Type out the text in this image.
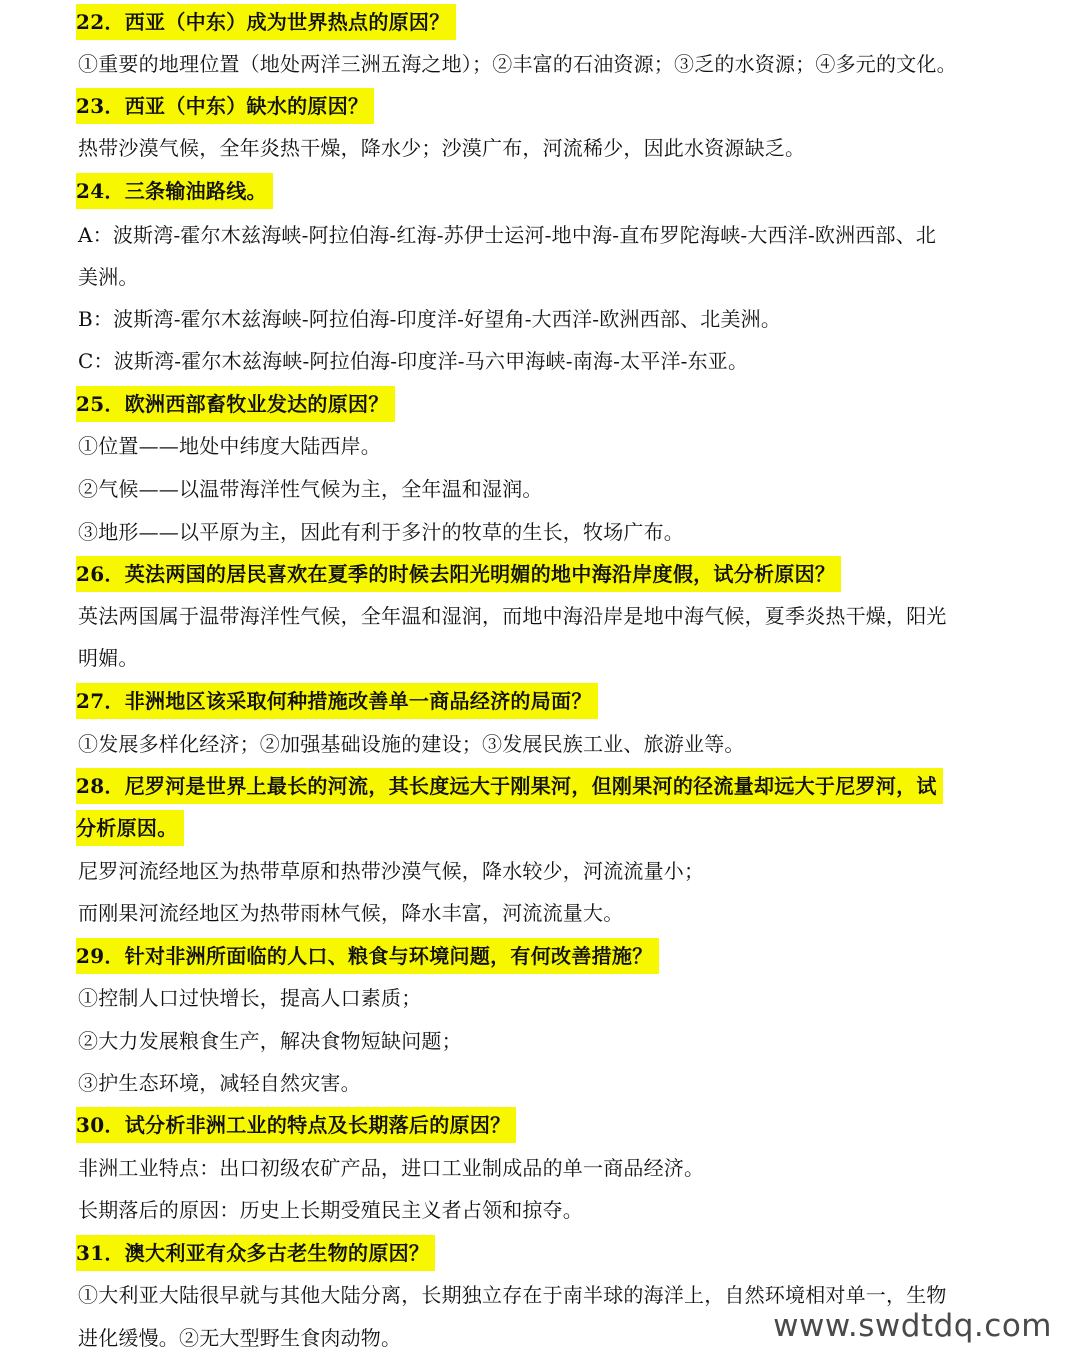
22．西亚（中东）成为世界热点的原因？
①重要的地理位置（地处两洋三洲五海之地）；②丰富的石油资源；③乏的水资源；④多元的文化。
23．西亚（中东）缺水的原因？
热带沙漠气候，全年炎热干燥，降水少；沙漠广布，河流稀少，因此水资源缺乏。
24．三条输油路线。
A：波斯湾-霍尔木兹海峡-阿拉伯海-红海-苏伊士运河-地中海-直布罗陀海峡-大西洋-欧洲西部、北
美洲。
B：波斯湾-霍尔木兹海峡-阿拉伯海-印度洋-好望角-大西洋-欧洲西部、北美洲。
C：波斯湾-霍尔木兹海峡-阿拉伯海-印度洋-马六甲海峡-南海-太平洋-东亚。
25．欧洲西部畜牧业发达的原因？
①位置——地处中纬度大陆西岸。
②气候——以温带海洋性气候为主，全年温和湿润。
③地形——以平原为主，因此有利于多汁的牧草的生长，牧场广布。
26．英法两国的居民喜欢在夏季的时候去阳光明媚的地中海沿岸度假，试分析原因？
英法两国属于温带海洋性气候，全年温和湿润，而地中海沿岸是地中海气候，夏季炎热干燥，阳光
明媚。
27．非洲地区该采取何种措施改善单一商品经济的局面？
①发展多样化经济；②加强基础设施的建设；③发展民族工业、旅游业等。
28．尼罗河是世界上最长的河流，其长度远大于刚果河，但刚果河的径流量却远大于尼罗河，试
分析原因。
尼罗河流经地区为热带草原和热带沙漠气候，降水较少，河流流量小；
而刚果河流经地区为热带雨林气候，降水丰富，河流流量大。
29．针对非洲所面临的人口、粮食与环境问题，有何改善措施？
①控制人口过快增长，提高人口素质；
②大力发展粮食生产，解决食物短缺问题；
③护生态环境，减轻自然灾害。
30．试分析非洲工业的特点及长期落后的原因？
非洲工业特点：出口初级农矿产品，进口工业制成品的单一商品经济。
长期落后的原因：历史上长期受殖民主义者占领和掠夺。
31．澳大利亚有众多古老生物的原因？
①大利亚大陆很早就与其他大陆分离，长期独立存在于南半球的海洋上，自然环境相对单一，生物
进化缓慢。②无大型野生食肉动物。	www.swdtdq.com
